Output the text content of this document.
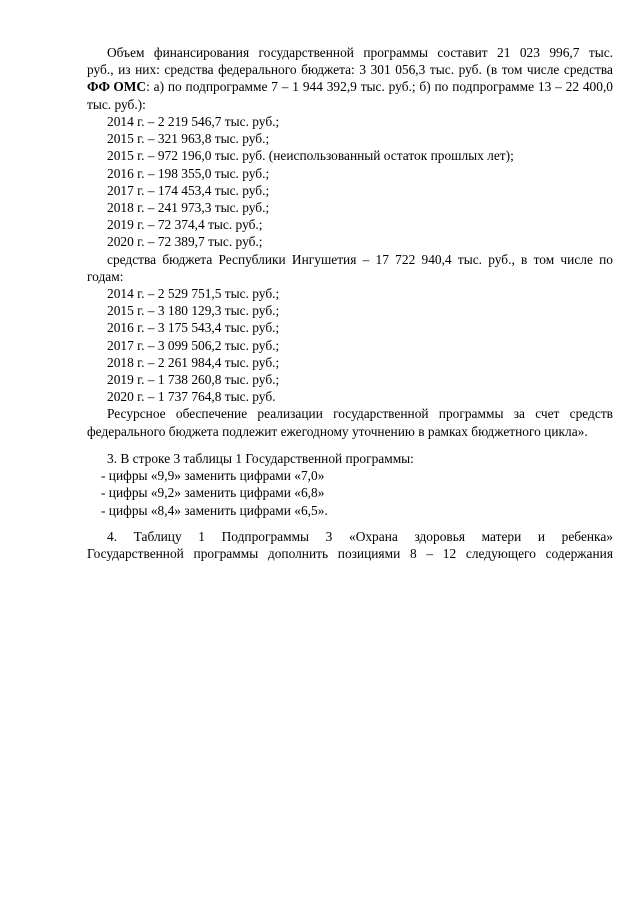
Объем финансирования государственной программы составит 21 023 996,7 тыс.
руб., из них: средства федерального бюджета: 3 301 056,3 тыс. руб. (в том числе средства
ФФ ОМС : а) по подпрограмме 7 – 1 944 392,9 тыс. руб.; б) по подпрограмме 13 – 22 400,0
тыс. руб.):
2014 г. – 2 219 546,7 тыс. руб.;
2015 г. – 321 963,8 тыс. руб.;
2015 г. – 972 196,0 тыс. руб. (неиспользованный остаток прошлых лет);
2016 г. – 198 355,0 тыс. руб.;
2017 г. – 174 453,4 тыс. руб.;
2018 г. – 241 973,3 тыс. руб.;
2019 г. – 72 374,4 тыс. руб.;
2020 г. – 72 389,7 тыс. руб.;
средства бюджета Республики Ингушетия – 17 722 940,4 тыс. руб., в том числе по
годам:
2014 г. – 2 529 751,5 тыс. руб.;
2015 г. – 3 180 129,3 тыс. руб.;
2016 г. – 3 175 543,4 тыс. руб.;
2017 г. – 3 099 506,2 тыс. руб.;
2018 г. – 2 261 984,4 тыс. руб.;
2019 г. – 1 738 260,8 тыс. руб.;
2020 г. – 1 737 764,8 тыс. руб.
Ресурсное обеспечение реализации государственной программы за счет средств
федерального бюджета подлежит ежегодному уточнению в рамках бюджетного цикла».
3. В строке 3 таблицы 1 Государственной программы:
- цифры «9,9» заменить цифрами «7,0»
- цифры «9,2» заменить цифрами «6,8»
- цифры «8,4» заменить цифрами «6,5».
4. Таблицу 1 Подпрограммы 3 «Охрана здоровья матери и ребенка»
Государственной программы дополнить позициями 8 – 12 следующего содержания
